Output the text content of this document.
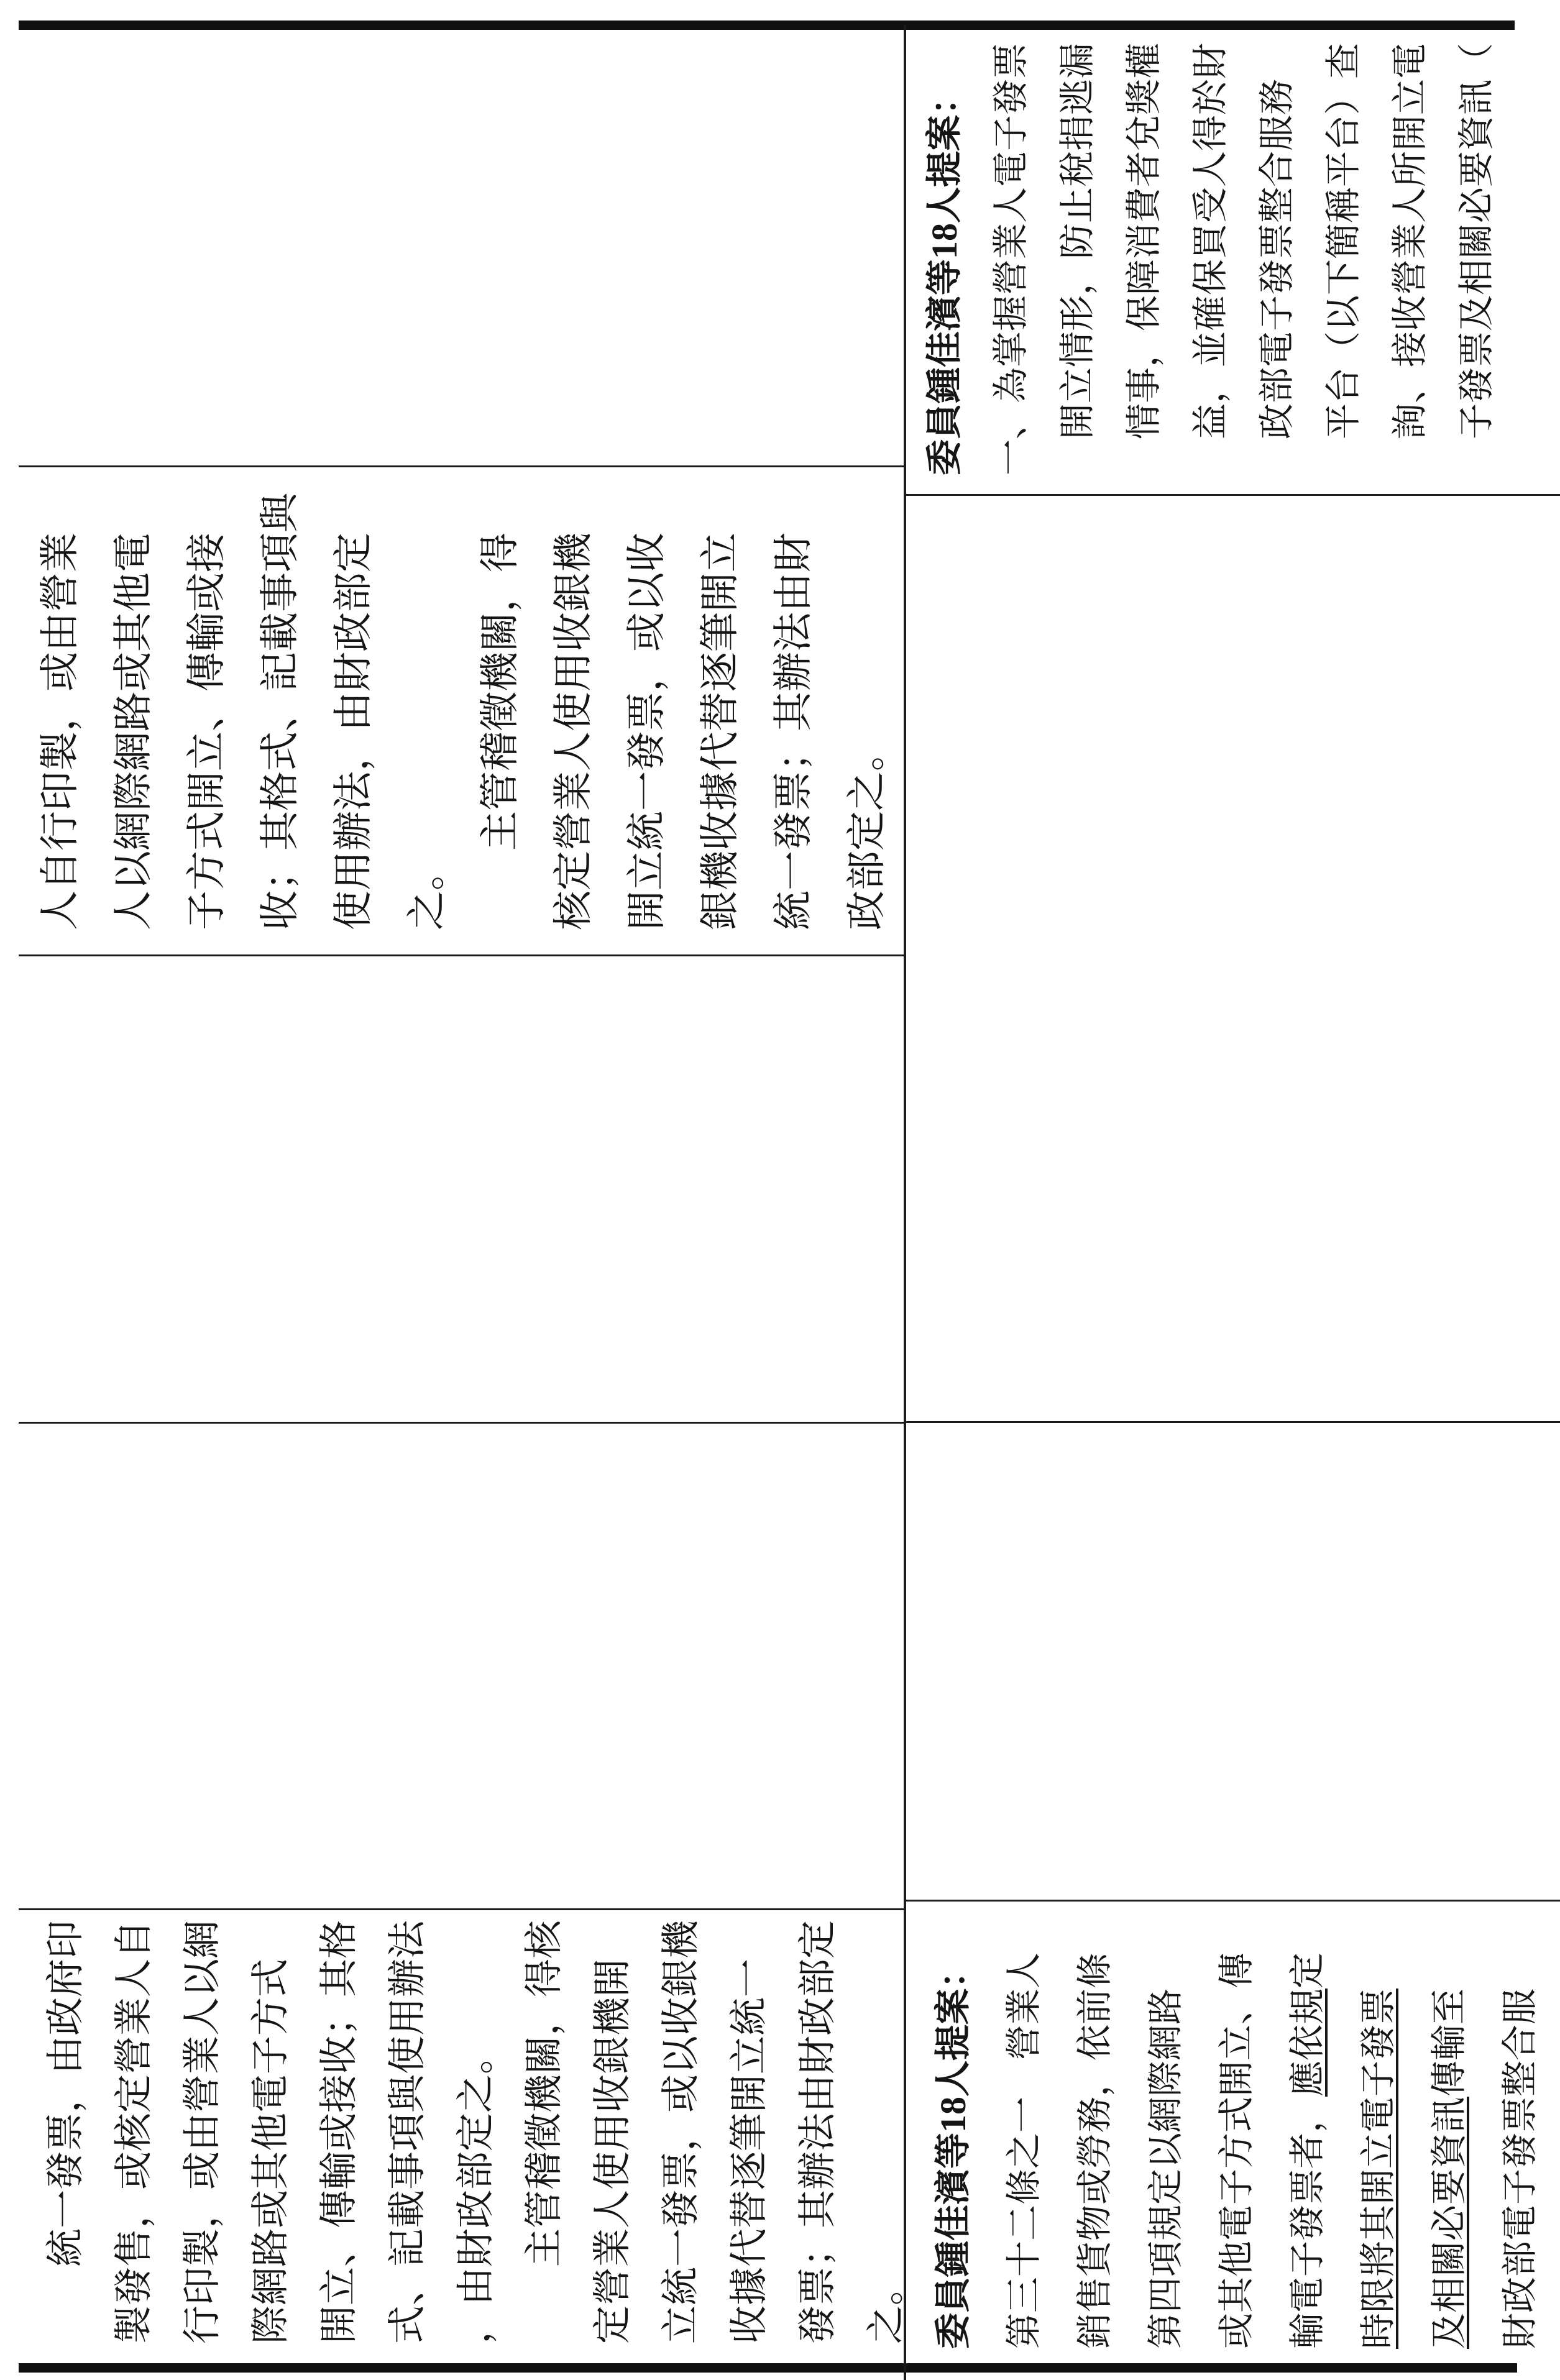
委員鍾佳濱等18人提案： 一、為掌握營業人電子發票 開立情形，防止稅捐逃漏 情事，保障消費者兌獎權 益，並確保買受人得於財 政部電子發票整合服務 平台（以下簡稱平台）查 詢、接收營業人所開立電 子發票及相關必要資訊（
委員鍾佳濱等18人提案： 第三十二條之一　營業人 銷售貨物或勞務，依前條 第四項規定以網際網路 或其他電子方式開立、傳 輸電子發票者，應依規定
時限將其開立電子發票 及相關必要資訊傳輸至 財政部電子發票整合服
人自行印製，或由營業 人以網際網路或其他電 子方式開立、傳輸或接 收；其格式、記載事項與 使用辦法，由財政部定 之。
主管稽徵機關，得 核定營業人使用收銀機 開立統一發票，或以收 銀機收據代替逐筆開立 統一發票；其辦法由財 政部定之。
統一發票，由政府印 製發售，或核定營業人自 行印製，或由營業人以網 際網路或其他電子方式 開立、傳輸或接收；其格 式、記載事項與使用辦法 ，由財政部定之。 主管稽徵機關，得核 定營業人使用收銀機開 立統一發票，或以收銀機 收據代替逐筆開立統一 發票；其辦法由財政部定 之。
